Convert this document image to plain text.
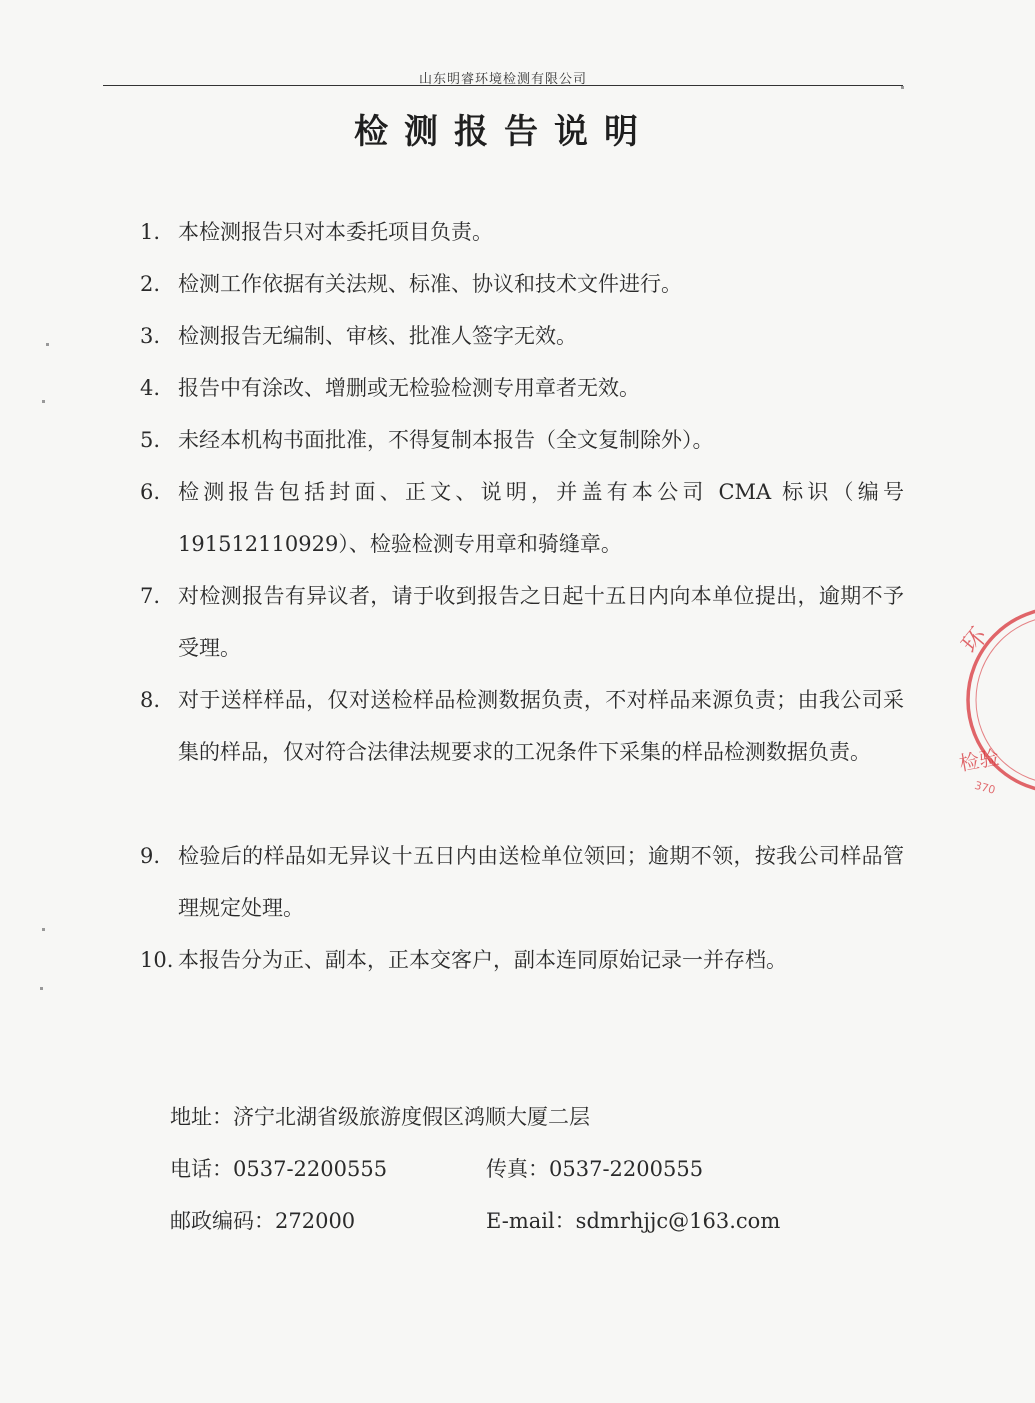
山东明睿环境检测有限公司
检测报告说明
1. 本检测报告只对本委托项目负责。
2. 检测工作依据有关法规、标准、协议和技术文件进行。
3. 检测报告无编制、审核、批准人签字无效。
4. 报告中有涂改、增删或无检验检测专用章者无效。
5. 未经本机构书面批准，不得复制本报告（全文复制除外）。
6. 检测报告包括封面、正文、说明，并盖有本公司 CMA 标识（编号191512110929）、检验检测专用章和骑缝章。
7. 对检测报告有异议者，请于收到报告之日起十五日内向本单位提出，逾期不予受理。
8. 对于送样样品，仅对送检样品检测数据负责，不对样品来源负责；由我公司采集的样品，仅对符合法律法规要求的工况条件下采集的样品检测数据负责。
9. 检验后的样品如无异议十五日内由送检单位领回；逾期不领，按我公司样品管理规定处理。
10. 本报告分为正、副本，正本交客户，副本连同原始记录一并存档。
地址：济宁北湖省级旅游度假区鸿顺大厦二层
电话：0537-2200555	传真：0537-2200555
邮政编码：272000	E-mail：sdmrhjjc@163.com
环
检验
370
